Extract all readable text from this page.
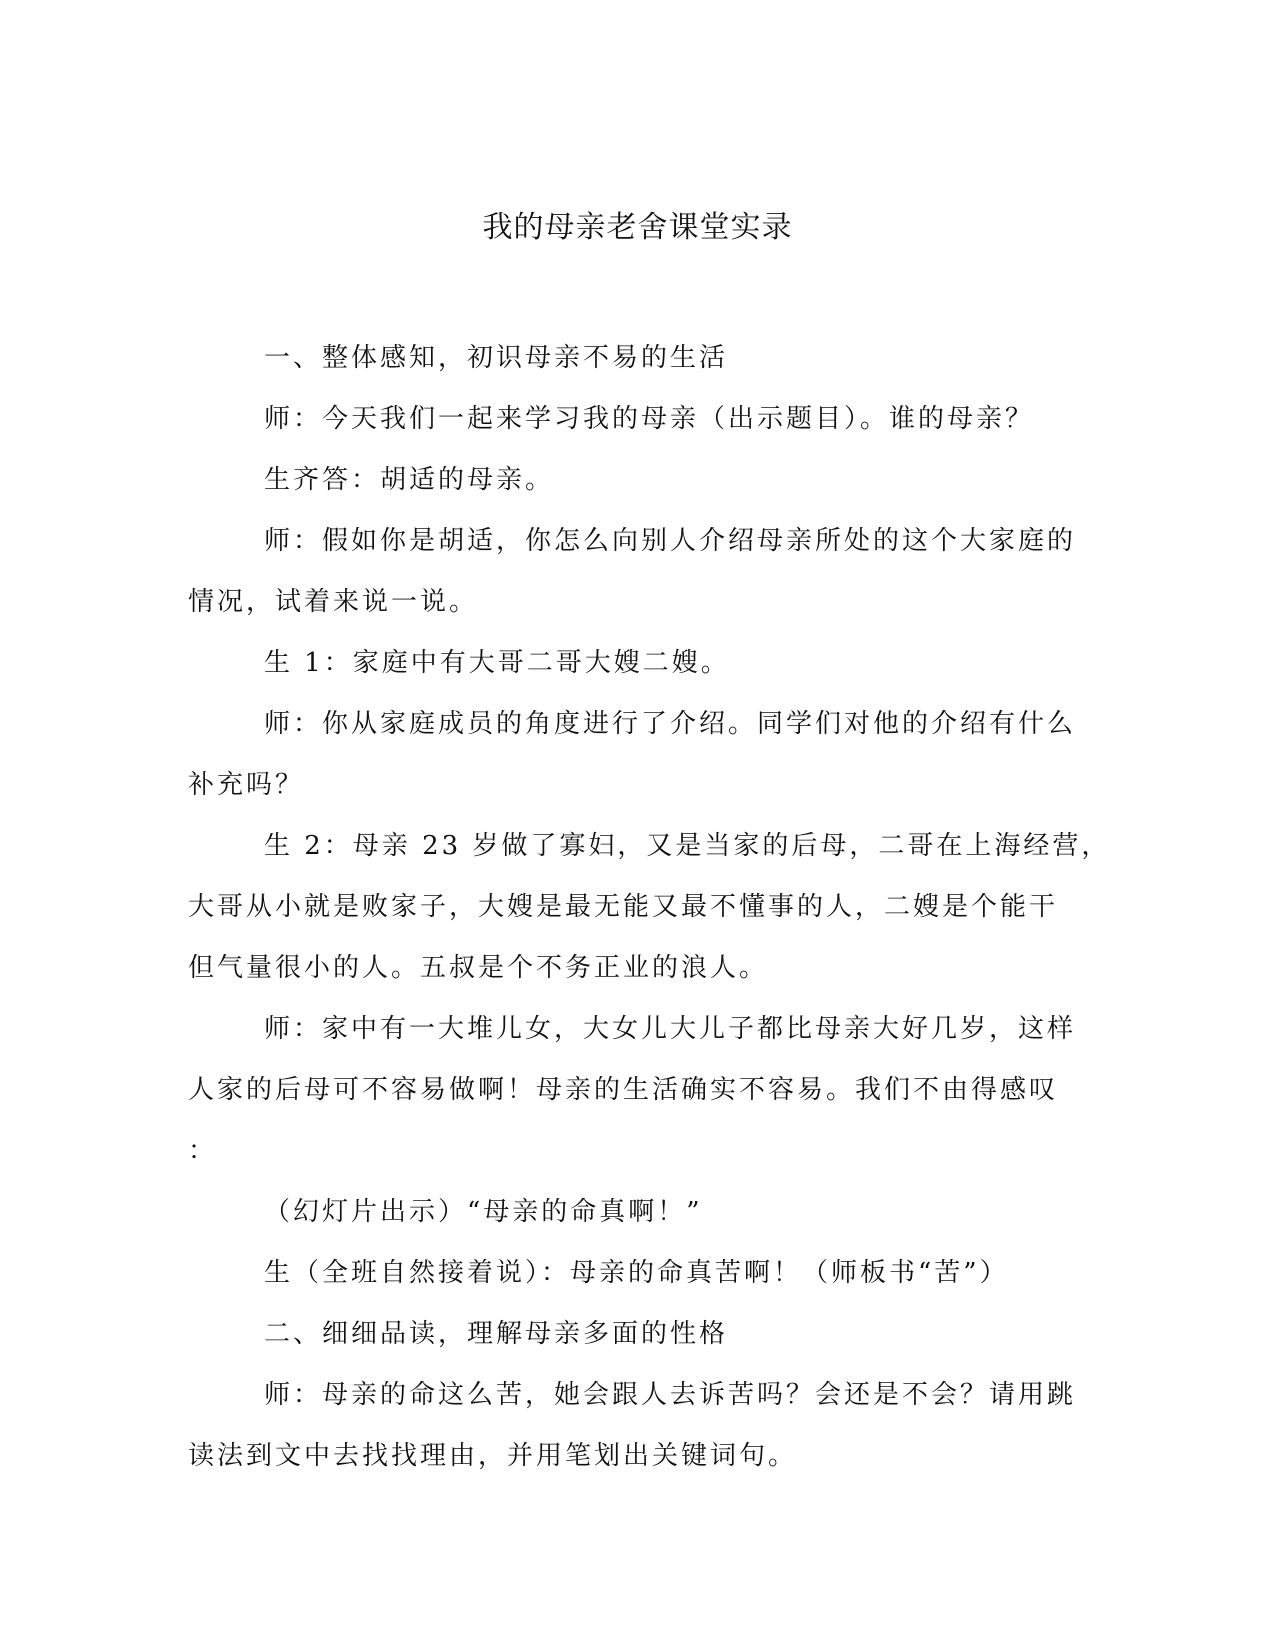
我的母亲老舍课堂实录
一、整体感知，初识母亲不易的生活
师：今天我们一起来学习我的母亲（出示题目）。谁的母亲？
生齐答：胡适的母亲。
师：假如你是胡适，你怎么向别人介绍母亲所处的这个大家庭的
情况，试着来说一说。
生 1：家庭中有大哥二哥大嫂二嫂。
师：你从家庭成员的角度进行了介绍。同学们对他的介绍有什么
补充吗？
生 2：母亲 23 岁做了寡妇，又是当家的后母，二哥在上海经营，
大哥从小就是败家子，大嫂是最无能又最不懂事的人，二嫂是个能干
但气量很小的人。五叔是个不务正业的浪人。
师：家中有一大堆儿女，大女儿大儿子都比母亲大好几岁，这样
人家的后母可不容易做啊！母亲的生活确实不容易。我们不由得感叹
：
（幻灯片出示）“母亲的命真啊！”
生（全班自然接着说）：母亲的命真苦啊！（师板书“苦”）
二、细细品读，理解母亲多面的性格
师：母亲的命这么苦，她会跟人去诉苦吗？会还是不会？请用跳
读法到文中去找找理由，并用笔划出关键词句。
